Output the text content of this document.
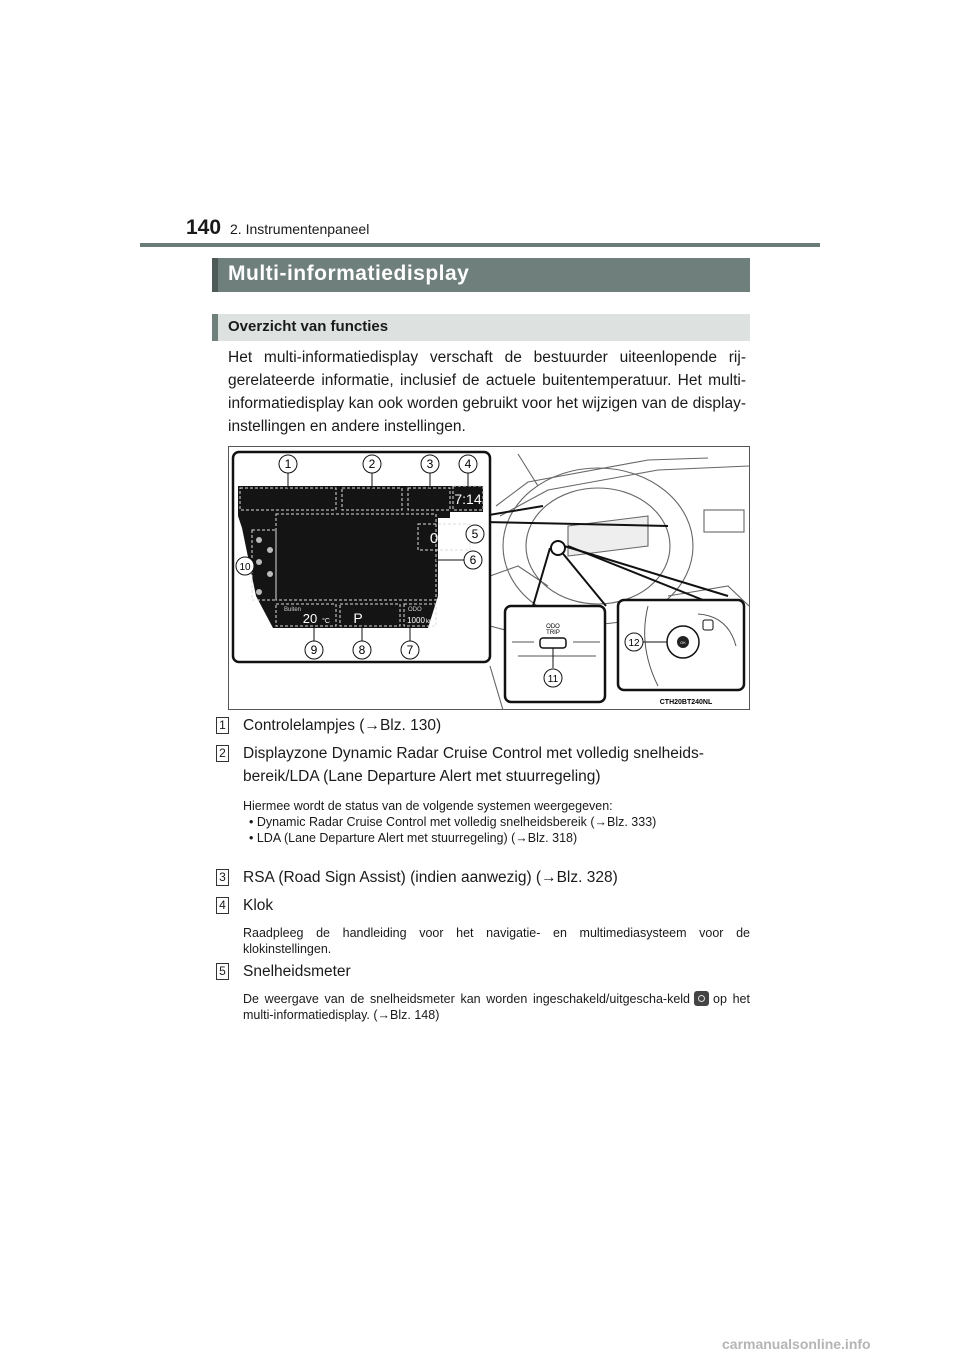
140 2. Instrumentenpaneel
Multi-informatiedisplay
Overzicht van functies
Het multi-informatiedisplay verschaft de bestuurder uiteenlopende rij-gerelateerde informatie, inclusief de actuele buitentemperatuur. Het multi-informatiedisplay kan ook worden gebruikt voor het wijzigen van de display-instellingen en andere instellingen.
7:14
0 km/h
Buiten
20 °C P	ODO
1000 km
ODO
TRIP
OK
1	2	3	4
5
6
7
8
9
10
11
12
CTH20BT240NL
1 Controlelampjes (→Blz. 130)
2 Displayzone Dynamic Radar Cruise Control met volledig snelheids-bereik/LDA (Lane Departure Alert met stuurregeling)
Hiermee wordt de status van de volgende systemen weergegeven:
• Dynamic Radar Cruise Control met volledig snelheidsbereik (→Blz. 333)
• LDA (Lane Departure Alert met stuurregeling) (→Blz. 318)
3 RSA (Road Sign Assist) (indien aanwezig) (→Blz. 328)
4 Klok
Raadpleeg de handleiding voor het navigatie- en multimediasysteem voor de klokinstellingen.
5 Snelheidsmeter
De weergave van de snelheidsmeter kan worden ingeschakeld/uitgescha-keld op het multi-informatiedisplay. (→Blz. 148)
carmanualsonline.info
